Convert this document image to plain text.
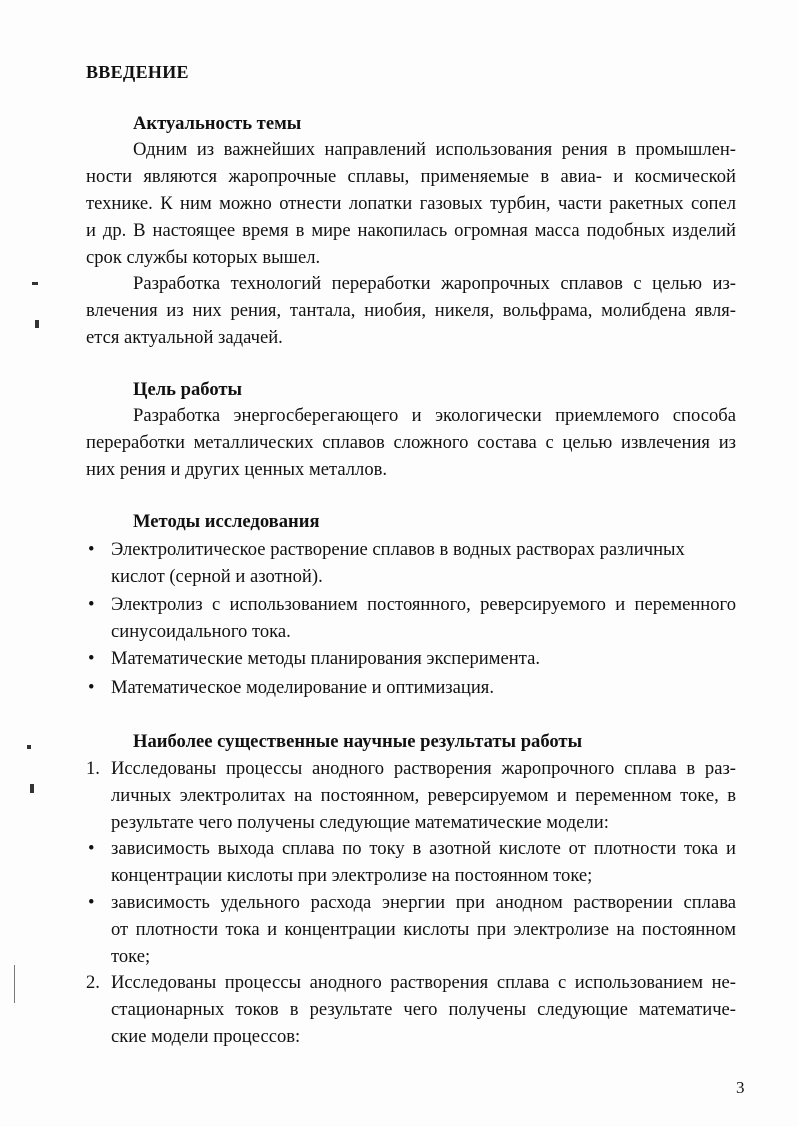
ВВЕДЕНИЕ
3
Актуальность темы
Цель работы
Методы исследования
Наиболее существенные научные результаты работы
Одним из важнейших направлений использования рения в промышлен-
ности являются жаропрочные сплавы, применяемые в авиа- и космической
технике. К ним можно отнести лопатки газовых турбин, части ракетных сопел
и др. В настоящее время в мире накопилась огромная масса подобных изделий
срок службы которых вышел.
Разработка технологий переработки жаропрочных сплавов с целью из-
влечения из них рения, тантала, ниобия, никеля, вольфрама, молибдена явля-
ется актуальной задачей.
Разработка энергосберегающего и экологически приемлемого способа
переработки металлических сплавов сложного состава с целью извлечения из
них рения и других ценных металлов.
• Электролитическое растворение сплавов в водных растворах различных
кислот (серной и азотной).
• Электролиз с использованием постоянного, реверсируемого и переменного
синусоидального тока.
• Математические методы планирования эксперимента.
• Математическое моделирование и оптимизация.
1. Исследованы процессы анодного растворения жаропрочного сплава в раз-
личных электролитах на постоянном, реверсируемом и переменном токе, в
результате чего получены следующие математические модели:
• зависимость выхода сплава по току в азотной кислоте от плотности тока и
концентрации кислоты при электролизе на постоянном токе;
• зависимость удельного расхода энергии при анодном растворении сплава
от плотности тока и концентрации кислоты при электролизе на постоянном
токе;
2. Исследованы процессы анодного растворения сплава с использованием не-
стационарных токов в результате чего получены следующие математиче-
ские модели процессов:
